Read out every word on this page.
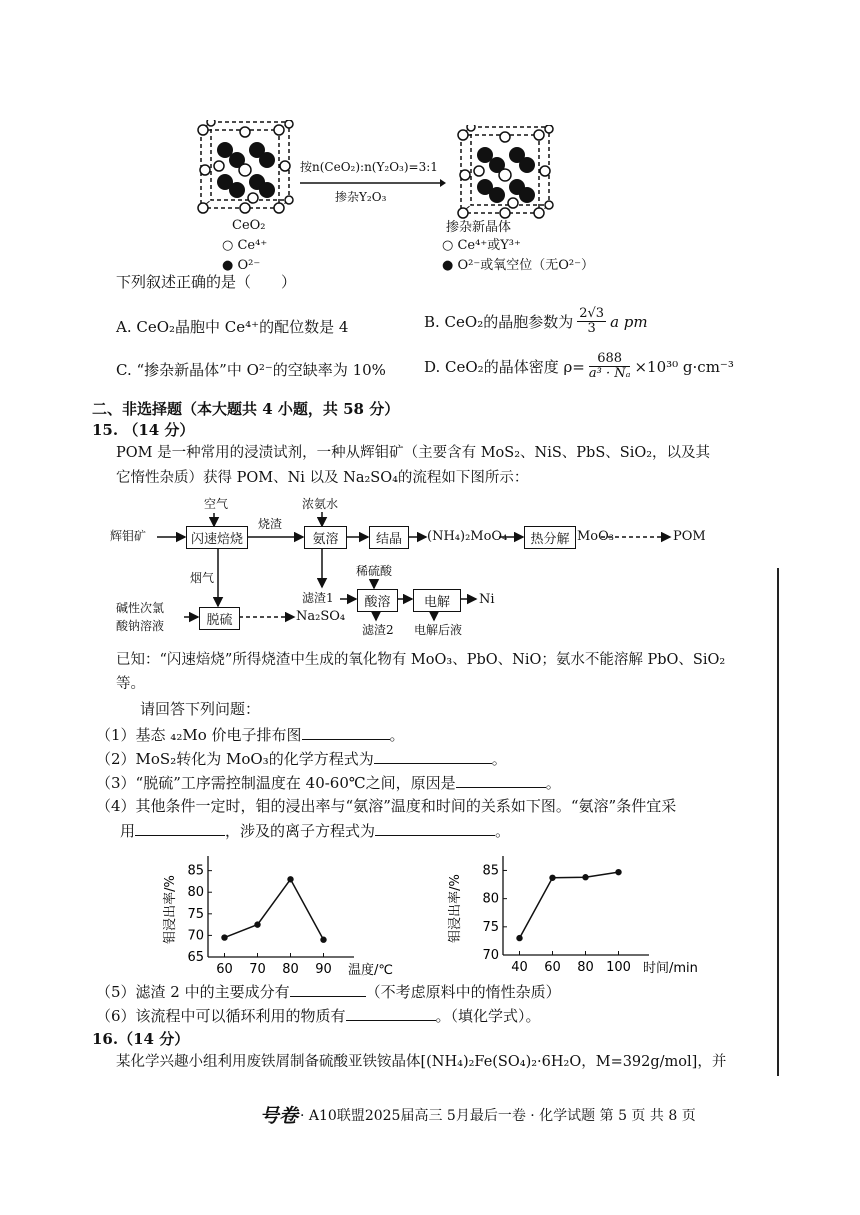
CeO₂
○ Ce⁴⁺
● O²⁻
按n(CeO₂):n(Y₂O₃)=3:1
掺杂Y₂O₃
掺杂新晶体
○ Ce⁴⁺或Y³⁺
● O²⁻或氧空位（无O²⁻）
下列叙述正确的是（　　）
A. CeO₂晶胞中 Ce⁴⁺的配位数是 4	B. CeO₂的晶胞参数为 $\frac{2√3}{3}$ a pm
C. “掺杂新晶体”中 O²⁻的空缺率为 10%	D. CeO₂的晶体密度 $\rho= \frac{688}{\text{a³ · Nₐ}} \times 10^{30}$ g·cm⁻³
二、非选择题（本大题共 4 小题，共 58 分）
15. （14 分）
POM 是一种常用的浸渍试剂，一种从辉钼矿（主要含有 MoS₂、NiS、PbS、SiO₂，以及其
它惰性杂质）获得 POM、Ni 以及 Na₂SO₄的流程如下图所示：
辉钼矿
空气
闪速焙烧
烧渣
浓氨水
氨溶	结晶	(NH₄)₂MoO₄	热分解 MoO₃	POM
烟气
碱性次氯
酸钠溶液	脱硫	Na₂SO₄
滤渣1
稀硫酸
酸溶	电解	Ni
滤渣2 电解后液
已知：“闪速焙烧”所得烧渣中生成的氧化物有 MoO₃、PbO、NiO；氨水不能溶解 PbO、SiO₂
等。
请回答下列问题：
（1）基态 ₄₂Mo 价电子排布图	。
（2）MoS₂转化为 MoO₃的化学方程式为	。
（3）“脱硫”工序需控制温度在 40-60℃之间，原因是	。
（4）其他条件一定时，钼的浸出率与“氨溶”温度和时间的关系如下图。“氨溶”条件宜采
用	，涉及的离子方程式为	。
65
70
75
80
85
60 70 80 90 温度/℃
钼浸出率/%
70
75
80
85
40 60 80 100 时间/min
钼浸出率/%
（5）滤渣 2 中的主要成分有	（不考虑原料中的惰性杂质）
（6）该流程中可以循环利用的物质有	。（填化学式）。
16.（14 分）
某化学兴趣小组利用废铁屑制备硫酸亚铁铵晶体[(NH₄)₂Fe(SO₄)₂·6H₂O，M=392g/mol]，并
号卷 · A10联盟2025届高三 5月最后一卷 · 化学试题 第 5 页 共 8 页
